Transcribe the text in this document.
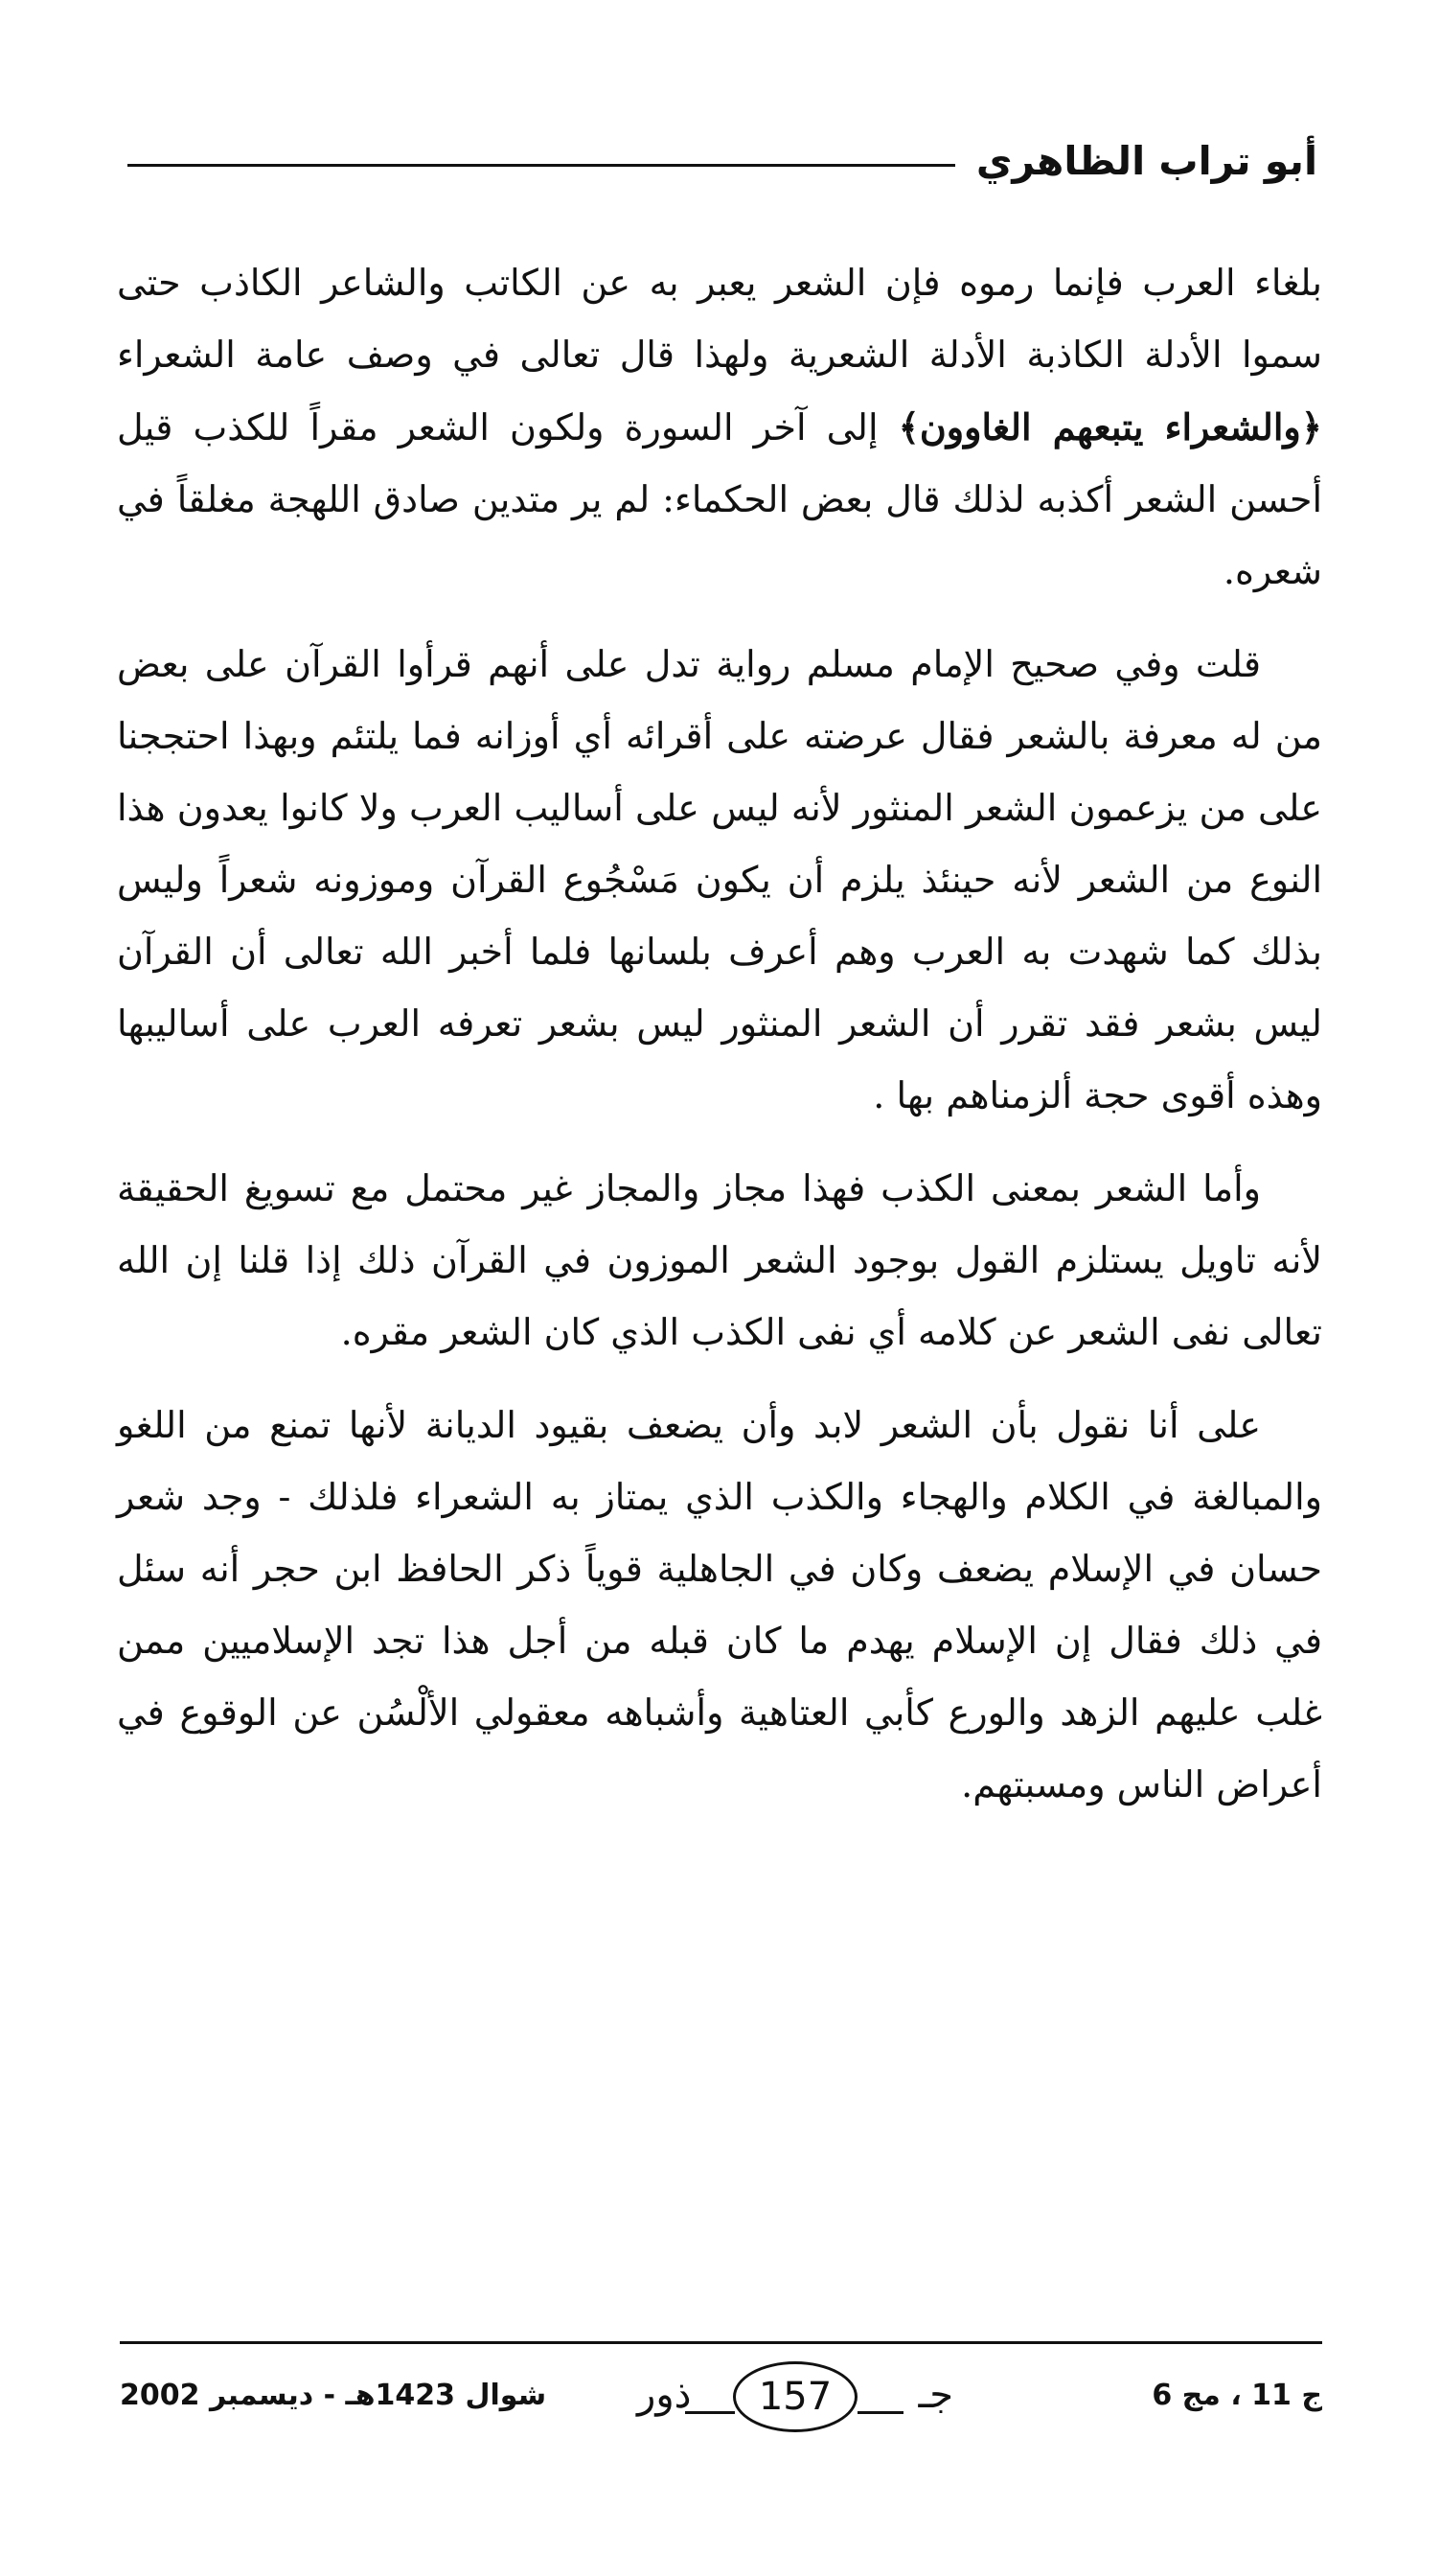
أبو تراب الظاهري

بلغاء العرب فإنما رموه فإن الشعر يعبر به عن الكاتب والشاعر الكاذب حتى سموا الأدلة الكاذبة الأدلة الشعرية ولهذا قال تعالى في وصف عامة الشعراء ﴿والشعراء يتبعهم الغاوون﴾ إلى آخر السورة ولكون الشعر مقراً للكذب قيل أحسن الشعر أكذبه لذلك قال بعض الحكماء: لم ير متدين صادق اللهجة مغلقاً في شعره.

قلت وفي صحيح الإمام مسلم رواية تدل على أنهم قرأوا القرآن على بعض من له معرفة بالشعر فقال عرضته على أقرائه أي أوزانه فما يلتئم وبهذا احتججنا على من يزعمون الشعر المنثور لأنه ليس على أساليب العرب ولا كانوا يعدون هذا النوع من الشعر لأنه حينئذ يلزم أن يكون مَسْجُوع القرآن وموزونه شعراً وليس بذلك كما شهدت به العرب وهم أعرف بلسانها فلما أخبر الله تعالى أن القرآن ليس بشعر فقد تقرر أن الشعر المنثور ليس بشعر تعرفه العرب على أساليبها وهذه أقوى حجة ألزمناهم بها .

وأما الشعر بمعنى الكذب فهذا مجاز والمجاز غير محتمل مع تسويغ الحقيقة لأنه تاويل يستلزم القول بوجود الشعر الموزون في القرآن ذلك إذا قلنا إن الله تعالى نفى الشعر عن كلامه أي نفى الكذب الذي كان الشعر مقره.

على أنا نقول بأن الشعر لابد وأن يضعف بقيود الديانة لأنها تمنع من اللغو والمبالغة في الكلام والهجاء والكذب الذي يمتاز به الشعراء فلذلك - وجد شعر حسان في الإسلام يضعف وكان في الجاهلية قوياً ذكر الحافظ ابن حجر أنه سئل في ذلك فقال إن الإسلام يهدم ما كان قبله من أجل هذا تجد الإسلاميين ممن غلب عليهم الزهد والورع كأبي العتاهية وأشباهه معقولي الألْسُن عن الوقوع في أعراض الناس ومسبتهم.

ج 11 ، مج 6
جـ
157
ذور
شوال 1423هـ - ديسمبر 2002
